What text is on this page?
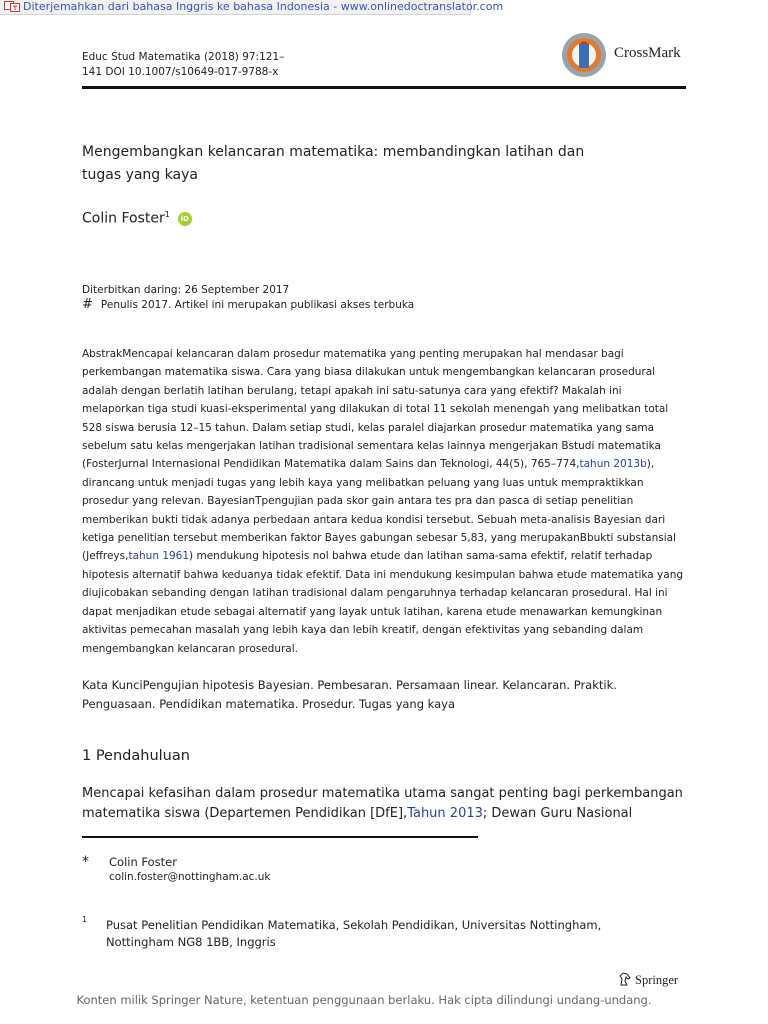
Diterjemahkan dari bahasa Inggris ke bahasa Indonesia - www.onlinedoctranslator.com
Educ Stud Matematika (2018) 97:121–141 DOI 10.1007/s10649-017-9788-x
CrossMark
Mengembangkan kelancaran matematika: membandingkan latihan dan tugas yang kaya
Colin Foster$^1$ iD
Diterbitkan daring: 26 September 2017
# Penulis 2017. Artikel ini merupakan publikasi akses terbuka

AbstrakMencapai kelancaran dalam prosedur matematika yang penting merupakan hal mendasar bagi perkembangan matematika siswa. Cara yang biasa dilakukan untuk mengembangkan kelancaran prosedural adalah dengan berlatih latihan berulang, tetapi apakah ini satu-satunya cara yang efektif? Makalah ini melaporkan tiga studi kuasi-eksperimental yang dilakukan di total 11 sekolah menengah yang melibatkan total 528 siswa berusia 12–15 tahun. Dalam setiap studi, kelas paralel diajarkan prosedur matematika yang sama sebelum satu kelas mengerjakan latihan tradisional sementara kelas lainnya mengerjakan Bstudi matematika (FosterJurnal Internasional Pendidikan Matematika dalam Sains dan Teknologi, 44(5), 765–774,tahun 2013b), dirancang untuk menjadi tugas yang lebih kaya yang melibatkan peluang yang luas untuk mempraktikkan prosedur yang relevan. BayesianTpengujian pada skor gain antara tes pra dan pasca di setiap penelitian memberikan bukti tidak adanya perbedaan antara kedua kondisi tersebut. Sebuah meta-analisis Bayesian dari ketiga penelitian tersebut memberikan faktor Bayes gabungan sebesar 5,83, yang merupakanBbukti substansial (Jeffreys,tahun 1961) mendukung hipotesis nol bahwa etude dan latihan sama-sama efektif, relatif terhadap hipotesis alternatif bahwa keduanya tidak efektif. Data ini mendukung kesimpulan bahwa etude matematika yang diujicobakan sebanding dengan latihan tradisional dalam pengaruhnya terhadap kelancaran prosedural. Hal ini dapat menjadikan etude sebagai alternatif yang layak untuk latihan, karena etude menawarkan kemungkinan aktivitas pemecahan masalah yang lebih kaya dan lebih kreatif, dengan efektivitas yang sebanding dalam mengembangkan kelancaran prosedural.

Kata KunciPengujian hipotesis Bayesian. Pembesaran. Persamaan linear. Kelancaran. Praktik. Penguasaan. Pendidikan matematika. Prosedur. Tugas yang kaya

1 Pendahuluan

Mencapai kefasihan dalam prosedur matematika utama sangat penting bagi perkembangan matematika siswa (Departemen Pendidikan [DfE],Tahun 2013; Dewan Guru Nasional

* Colin Foster
colin.foster@nottingham.ac.uk
1 Pusat Penelitian Pendidikan Matematika, Sekolah Pendidikan, Universitas Nottingham, Nottingham NG8 1BB, Inggris

Springer
Konten milik Springer Nature, ketentuan penggunaan berlaku. Hak cipta dilindungi undang-undang.
